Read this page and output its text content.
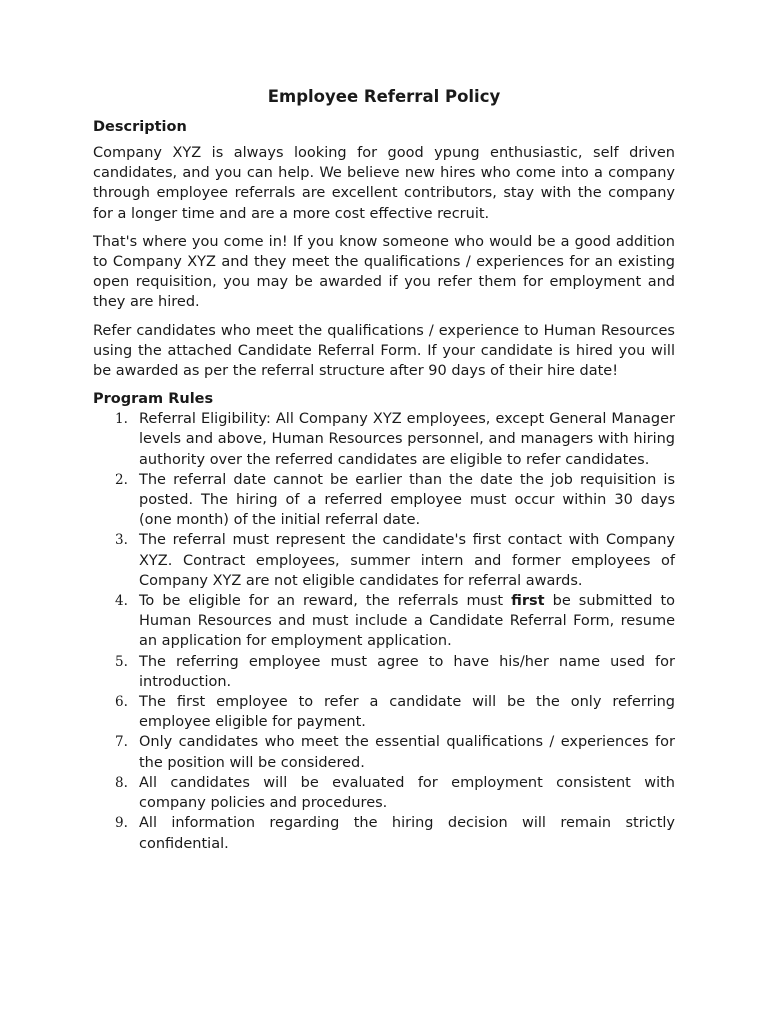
Employee Referral Policy
Description

Company XYZ is always looking for good ypung enthusiastic, self driven candidates, and you can help. We believe new hires who come into a company through employee referrals are excellent contributors, stay with the company for a longer time and are a more cost effective recruit.

That's where you come in! If you know someone who would be a good addition to Company XYZ and they meet the qualifications / experiences for an existing open requisition, you may be awarded if you refer them for employment and they are hired.

Refer candidates who meet the qualifications / experience to Human Resources using the attached Candidate Referral Form. If your candidate is hired you will be awarded as per the referral structure after 90 days of their hire date!

Program Rules
1. Referral Eligibility: All Company XYZ employees, except General Manager levels and above, Human Resources personnel, and managers with hiring authority over the referred candidates are eligible to refer candidates.
2. The referral date cannot be earlier than the date the job requisition is posted. The hiring of a referred employee must occur within 30 days (one month) of the initial referral date.
3. The referral must represent the candidate's first contact with Company XYZ. Contract employees, summer intern and former employees of Company XYZ are not eligible candidates for referral awards.
4. To be eligible for an reward, the referrals must first be submitted to Human Resources and must include a Candidate Referral Form, resume an application for employment application.
5. The referring employee must agree to have his/her name used for introduction.
6. The first employee to refer a candidate will be the only referring employee eligible for payment.
7. Only candidates who meet the essential qualifications / experiences for the position will be considered.
8. All candidates will be evaluated for employment consistent with company policies and procedures.
9. All information regarding the hiring decision will remain strictly confidential.
